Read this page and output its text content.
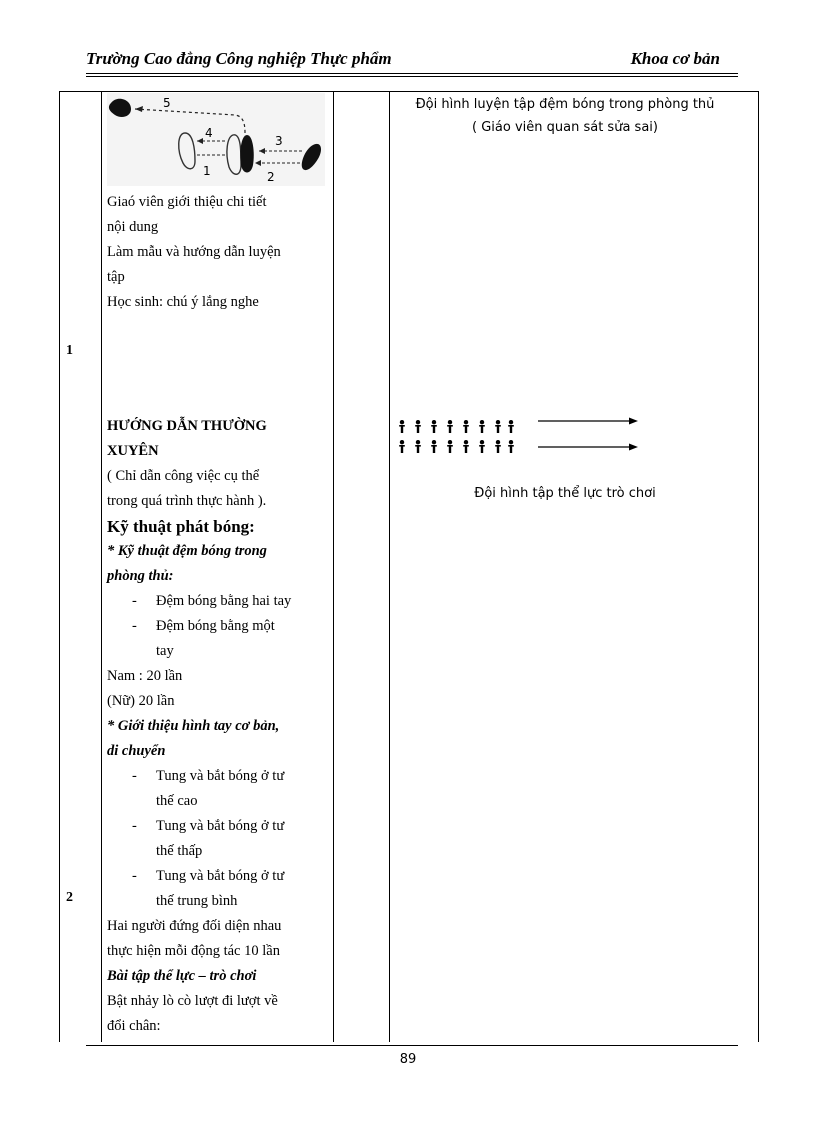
Trường Cao đẳng Công nghiệp Thực phẩm	Khoa cơ bản
1
2
5
4
1
3
2

Giaó viên giới thiệu chi tiết

nội dung

Làm mẫu và hướng dẫn luyện

tập

Học sinh: chú ý lắng nghe

HƯỚNG DẪN THƯỜNG

XUYÊN

( Chỉ dẫn công việc cụ thể

trong quá trình thực hành ).

Kỹ thuật phát bóng:

* Kỹ thuật đệm bóng trong

phòng thủ:

- Đệm bóng bằng hai tay
- Đệm bóng bằng một
tay

Nam : 20 lần

(Nữ) 20 lần

* Giới thiệu hình tay cơ bản,

di chuyển

- Tung và bắt bóng ở tư
thế cao
- Tung và bắt bóng ở tư
thế thấp
- Tung và bắt bóng ở tư
thế trung bình

Hai người đứng đối diện nhau

thực hiện mỗi động tác 10 lần

Bài tập thể lực – trò chơi

Bật nhảy lò cò lượt đi lượt về

đổi chân:

Đội hình luyện tập đệm bóng trong phòng thủ
( Giáo viên quan sát sửa sai)
Đội hình tập thể lực trò chơi
89
